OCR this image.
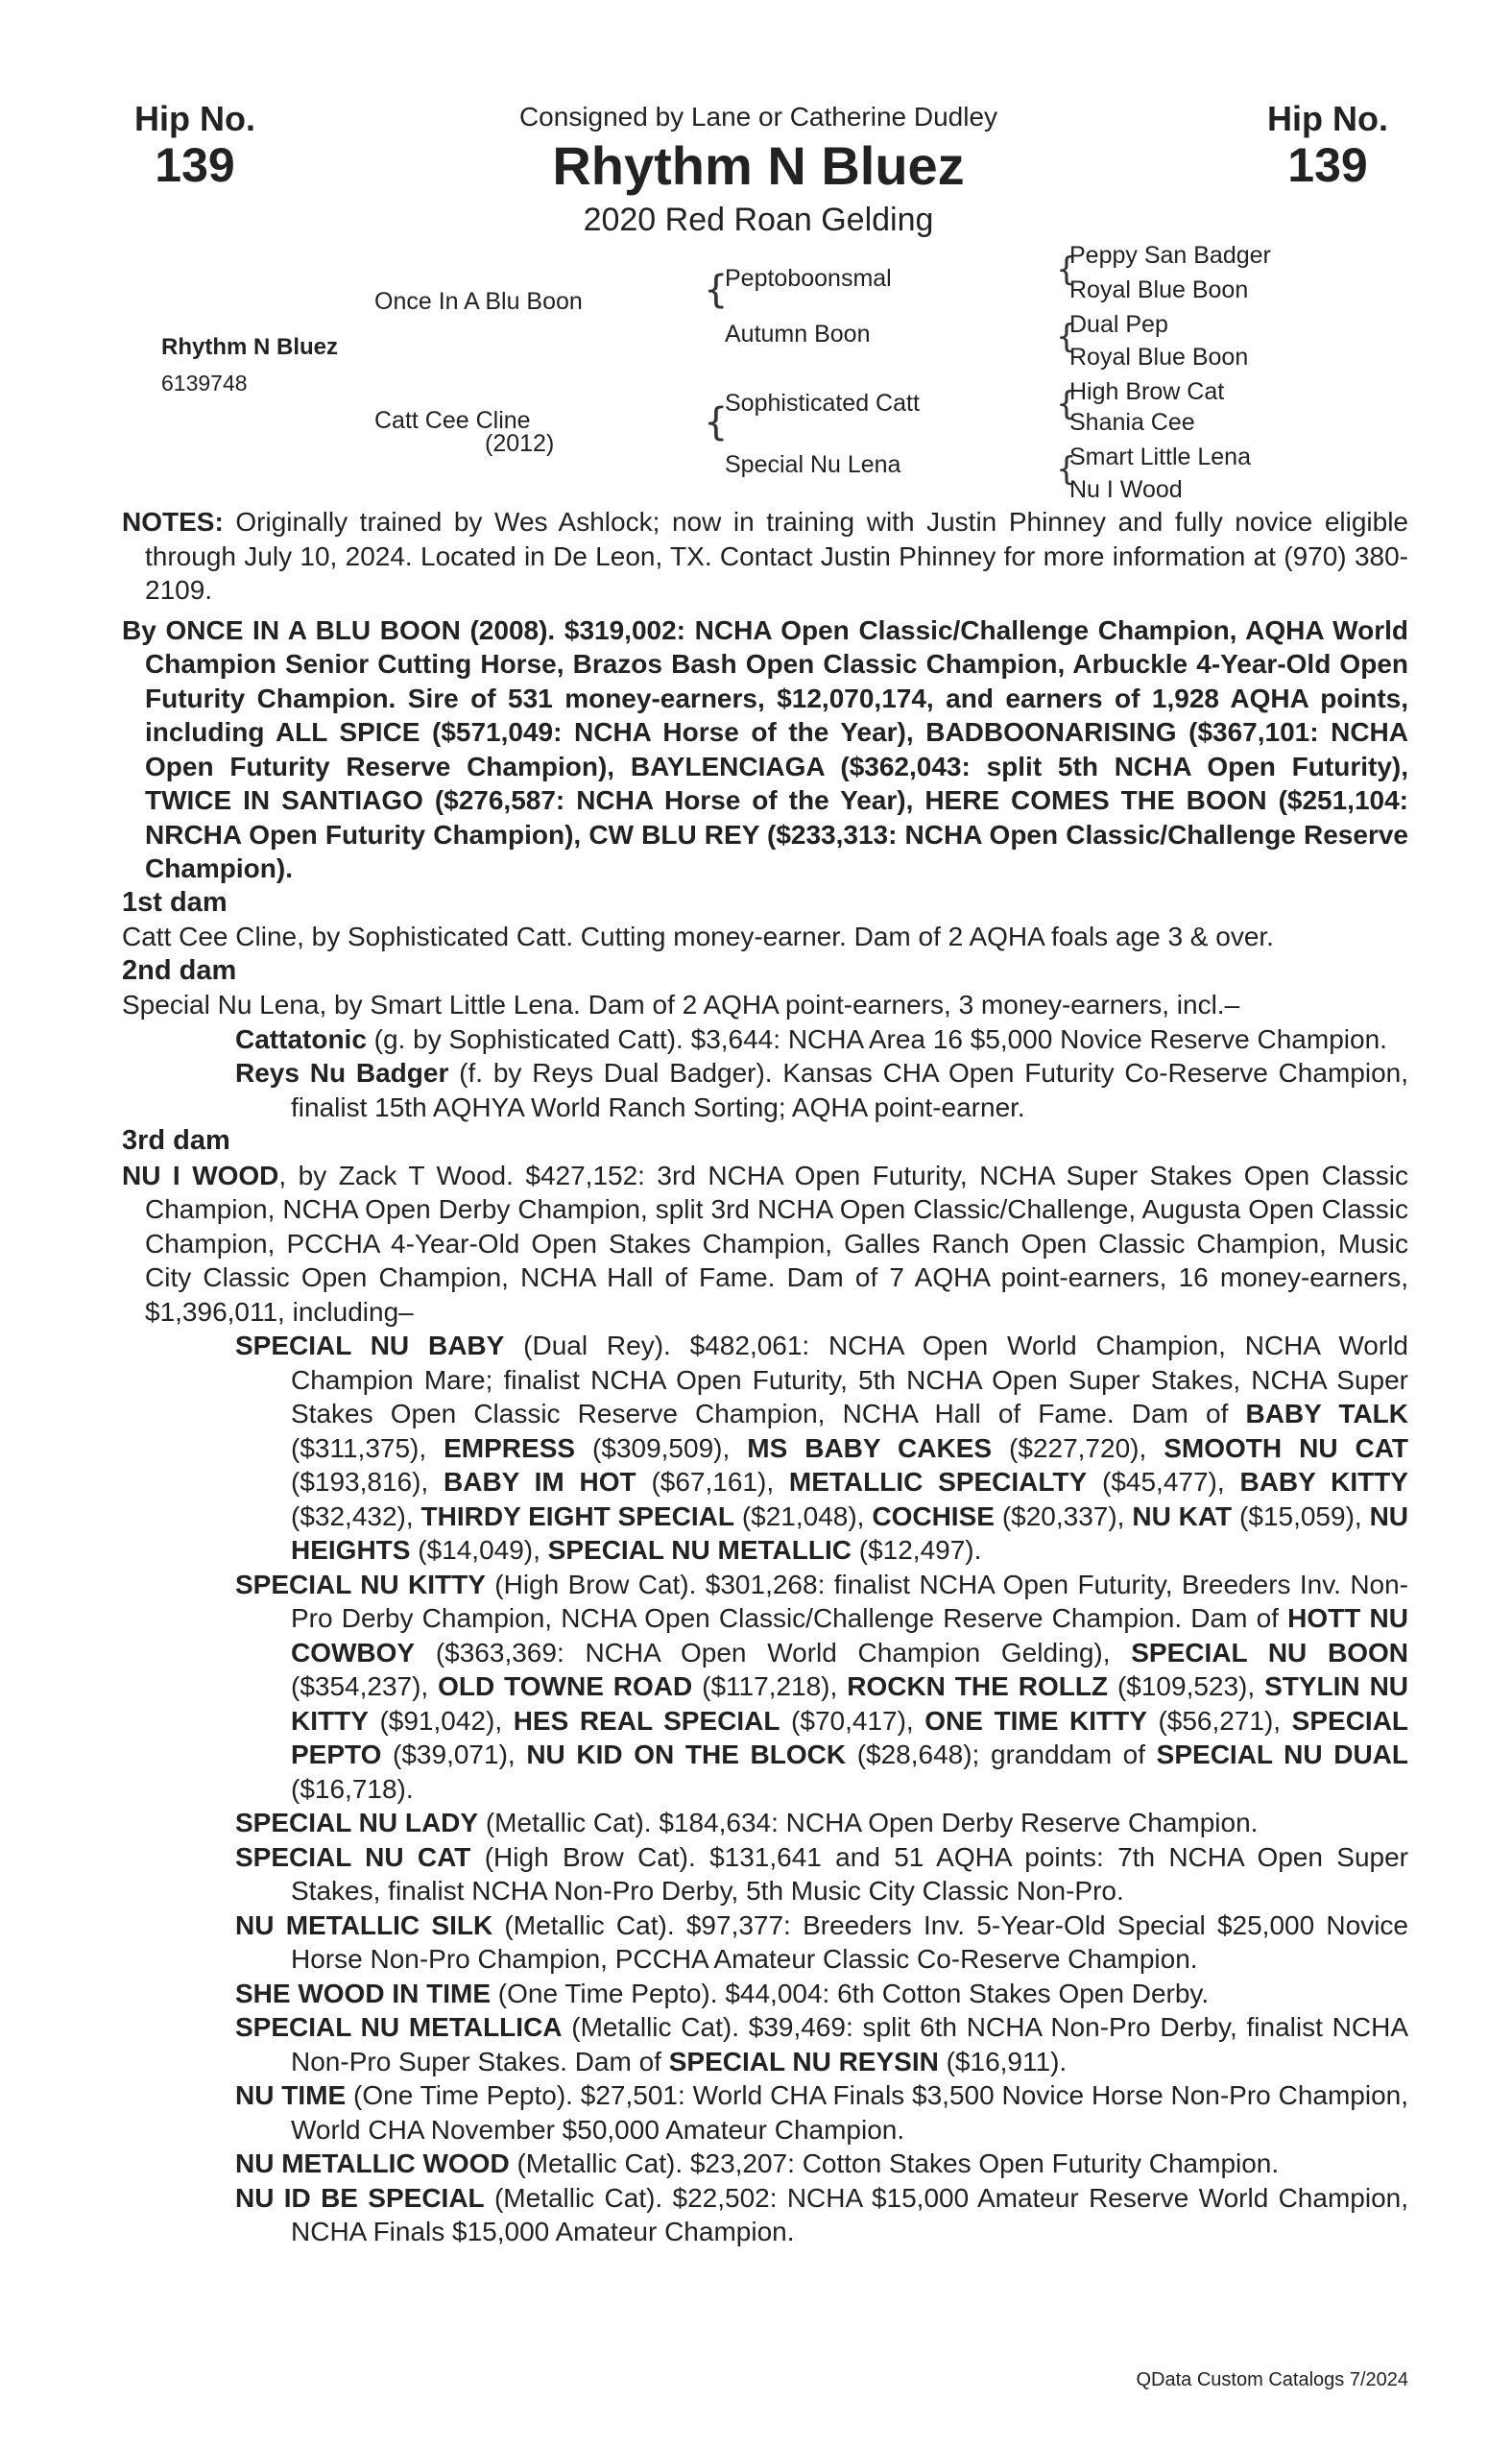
Hip No.
139
Hip No.
139
Consigned by Lane or Catherine Dudley
Rhythm N Bluez
2020 Red Roan Gelding
Rhythm N Bluez
6139748
Once In A Blu Boon
Catt Cee Cline
(2012)
{
Peptoboonsmal
Autumn Boon
{
Sophisticated Catt
Special Nu Lena
{
Peppy San Badger
Royal Blue Boon
{
Dual Pep
Royal Blue Boon
{
High Brow Cat
Shania Cee
{
Smart Little Lena
Nu I Wood

NOTES: Originally trained by Wes Ashlock; now in training with Justin Phinney and fully novice eligible through July 10, 2024. Located in De Leon, TX. Contact Justin Phinney for more information at (970) 380-2109.

By ONCE IN A BLU BOON (2008). $319,002: NCHA Open Classic/Challenge Champion, AQHA World Champion Senior Cutting Horse, Brazos Bash Open Classic Champion, Arbuckle 4-Year-Old Open Futurity Champion. Sire of 531 money-earners, $12,070,174, and earners of 1,928 AQHA points, including ALL SPICE ($571,049: NCHA Horse of the Year), BADBOONARISING ($367,101: NCHA Open Futurity Reserve Champion), BAYLENCIAGA ($362,043: split 5th NCHA Open Futurity), TWICE IN SANTIAGO ($276,587: NCHA Horse of the Year), HERE COMES THE BOON ($251,104: NRCHA Open Futurity Champion), CW BLU REY ($233,313: NCHA Open Classic/Challenge Reserve Champion).

1st dam

Catt Cee Cline, by Sophisticated Catt. Cutting money-earner. Dam of 2 AQHA foals age 3 & over.

2nd dam

Special Nu Lena, by Smart Little Lena. Dam of 2 AQHA point-earners, 3 money-earners, incl.–

Cattatonic (g. by Sophisticated Catt). $3,644: NCHA Area 16 $5,000 Novice Reserve Champion.

Reys Nu Badger (f. by Reys Dual Badger). Kansas CHA Open Futurity Co-Reserve Champion, finalist 15th AQHYA World Ranch Sorting; AQHA point-earner.

3rd dam

NU I WOOD, by Zack T Wood. $427,152: 3rd NCHA Open Futurity, NCHA Super Stakes Open Classic Champion, NCHA Open Derby Champion, split 3rd NCHA Open Classic/Challenge, Augusta Open Classic Champion, PCCHA 4-Year-Old Open Stakes Champion, Galles Ranch Open Classic Champion, Music City Classic Open Champion, NCHA Hall of Fame. Dam of 7 AQHA point-earners, 16 money-earners, $1,396,011, including–

SPECIAL NU BABY (Dual Rey). $482,061: NCHA Open World Champion, NCHA World Champion Mare; finalist NCHA Open Futurity, 5th NCHA Open Super Stakes, NCHA Super Stakes Open Classic Reserve Champion, NCHA Hall of Fame. Dam of BABY TALK ($311,375), EMPRESS ($309,509), MS BABY CAKES ($227,720), SMOOTH NU CAT ($193,816), BABY IM HOT ($67,161), METALLIC SPECIALTY ($45,477), BABY KITTY ($32,432), THIRDY EIGHT SPECIAL ($21,048), COCHISE ($20,337), NU KAT ($15,059), NU HEIGHTS ($14,049), SPECIAL NU METALLIC ($12,497).

SPECIAL NU KITTY (High Brow Cat). $301,268: finalist NCHA Open Futurity, Breeders Inv. Non-Pro Derby Champion, NCHA Open Classic/Challenge Reserve Champion. Dam of HOTT NU COWBOY ($363,369: NCHA Open World Champion Gelding), SPECIAL NU BOON ($354,237), OLD TOWNE ROAD ($117,218), ROCKN THE ROLLZ ($109,523), STYLIN NU KITTY ($91,042), HES REAL SPECIAL ($70,417), ONE TIME KITTY ($56,271), SPECIAL PEPTO ($39,071), NU KID ON THE BLOCK ($28,648); granddam of SPECIAL NU DUAL ($16,718).

SPECIAL NU LADY (Metallic Cat). $184,634: NCHA Open Derby Reserve Champion.

SPECIAL NU CAT (High Brow Cat). $131,641 and 51 AQHA points: 7th NCHA Open Super Stakes, finalist NCHA Non-Pro Derby, 5th Music City Classic Non-Pro.

NU METALLIC SILK (Metallic Cat). $97,377: Breeders Inv. 5-Year-Old Special $25,000 Novice Horse Non-Pro Champion, PCCHA Amateur Classic Co-Reserve Champion.

SHE WOOD IN TIME (One Time Pepto). $44,004: 6th Cotton Stakes Open Derby.

SPECIAL NU METALLICA (Metallic Cat). $39,469: split 6th NCHA Non-Pro Derby, finalist NCHA Non-Pro Super Stakes. Dam of SPECIAL NU REYSIN ($16,911).

NU TIME (One Time Pepto). $27,501: World CHA Finals $3,500 Novice Horse Non-Pro Champion, World CHA November $50,000 Amateur Champion.

NU METALLIC WOOD (Metallic Cat). $23,207: Cotton Stakes Open Futurity Champion.

NU ID BE SPECIAL (Metallic Cat). $22,502: NCHA $15,000 Amateur Reserve World Champion, NCHA Finals $15,000 Amateur Champion.

QData Custom Catalogs 7/2024
